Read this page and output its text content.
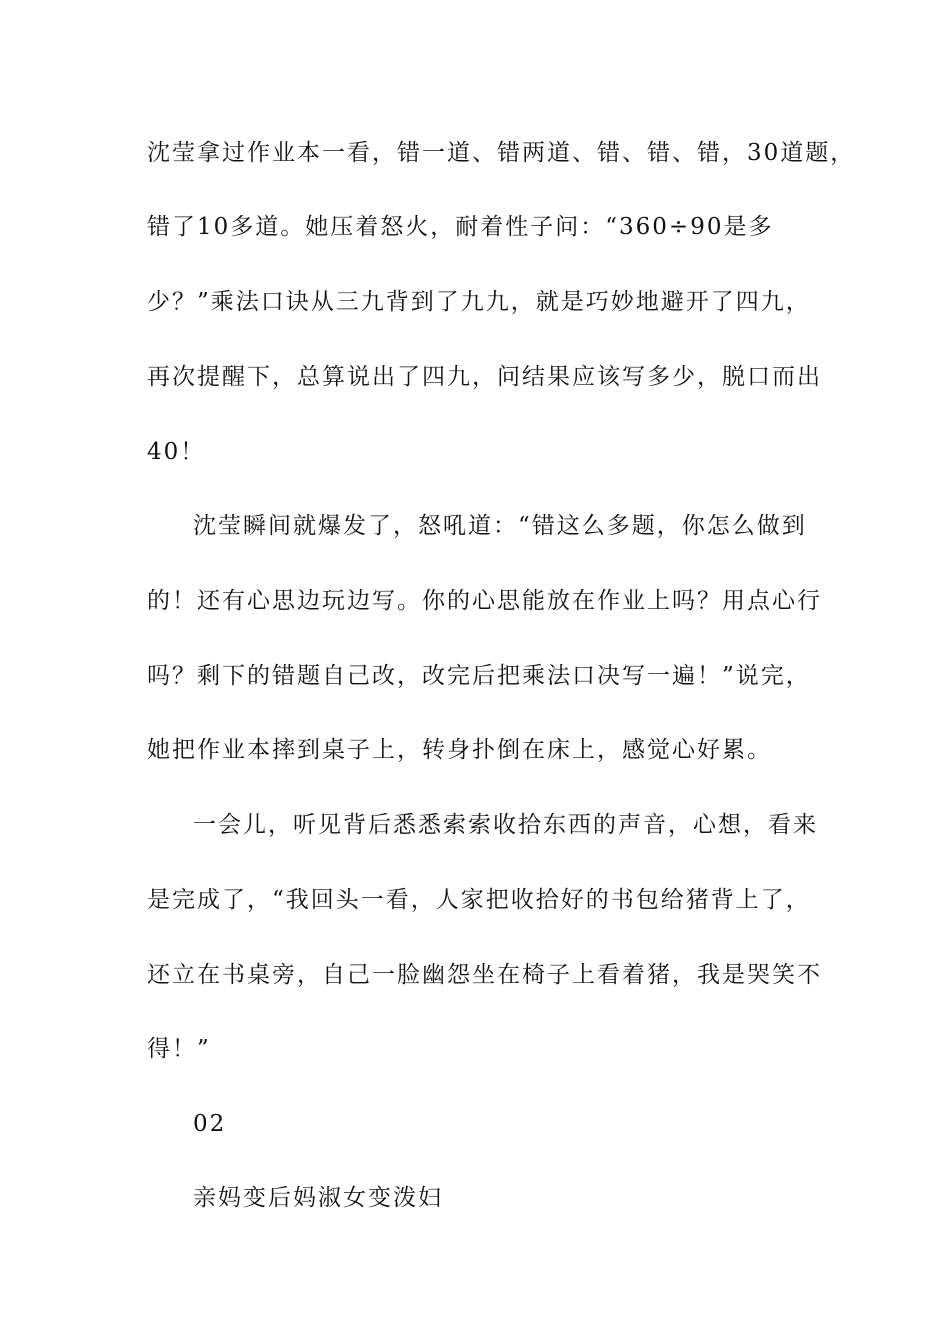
沈莹拿过作业本一看，错一道、错两道、错、错、错，30道题，
错了10多道。她压着怒火，耐着性子问：“360÷90是多
少？”乘法口诀从三九背到了九九，就是巧妙地避开了四九，
再次提醒下，总算说出了四九，问结果应该写多少，脱口而出
40！
沈莹瞬间就爆发了，怒吼道：“错这么多题，你怎么做到
的！还有心思边玩边写。你的心思能放在作业上吗？用点心行
吗？剩下的错题自己改，改完后把乘法口决写一遍！”说完，
她把作业本摔到桌子上，转身扑倒在床上，感觉心好累。
一会儿，听见背后悉悉索索收拾东西的声音，心想，看来
是完成了，“我回头一看，人家把收拾好的书包给猪背上了，
还立在书桌旁，自己一脸幽怨坐在椅子上看着猪，我是哭笑不
得！”
02
亲妈变后妈淑女变泼妇
